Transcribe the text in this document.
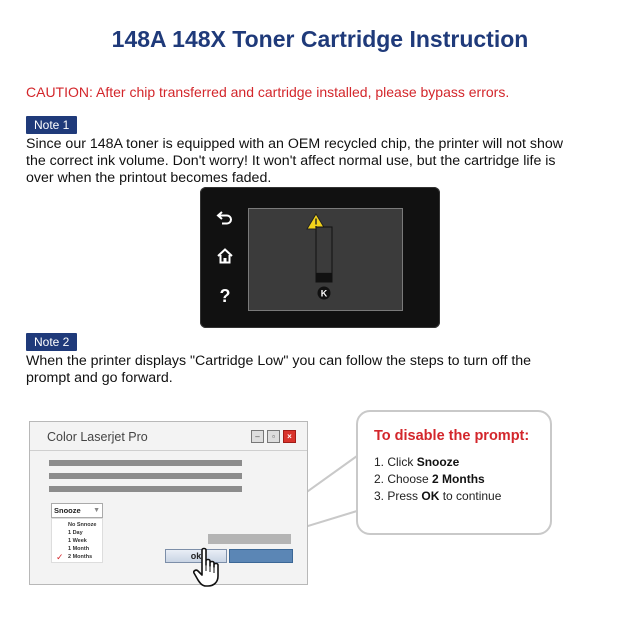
148A 148X Toner Cartridge Instruction
CAUTION: After chip transferred and cartridge installed, please bypass errors.
Note 1
Since our 148A toner is equipped with an OEM recycled chip, the printer will not show
the correct ink volume. Don't worry! It won't affect normal use, but the cartridge life is
over when the printout becomes faded.
?	K
Note 2
When the printer displays "Cartridge Low" you can follow the steps to turn off the
prompt and go forward.
Color Laserjet Pro	–	▫	×
Snooze ▼
No Snnoze
1 Day
1 Week
1 Month
2 Months
✓	ok
To disable the prompt:
1. Click Snooze
2. Choose 2 Months
3. Press OK to continue
